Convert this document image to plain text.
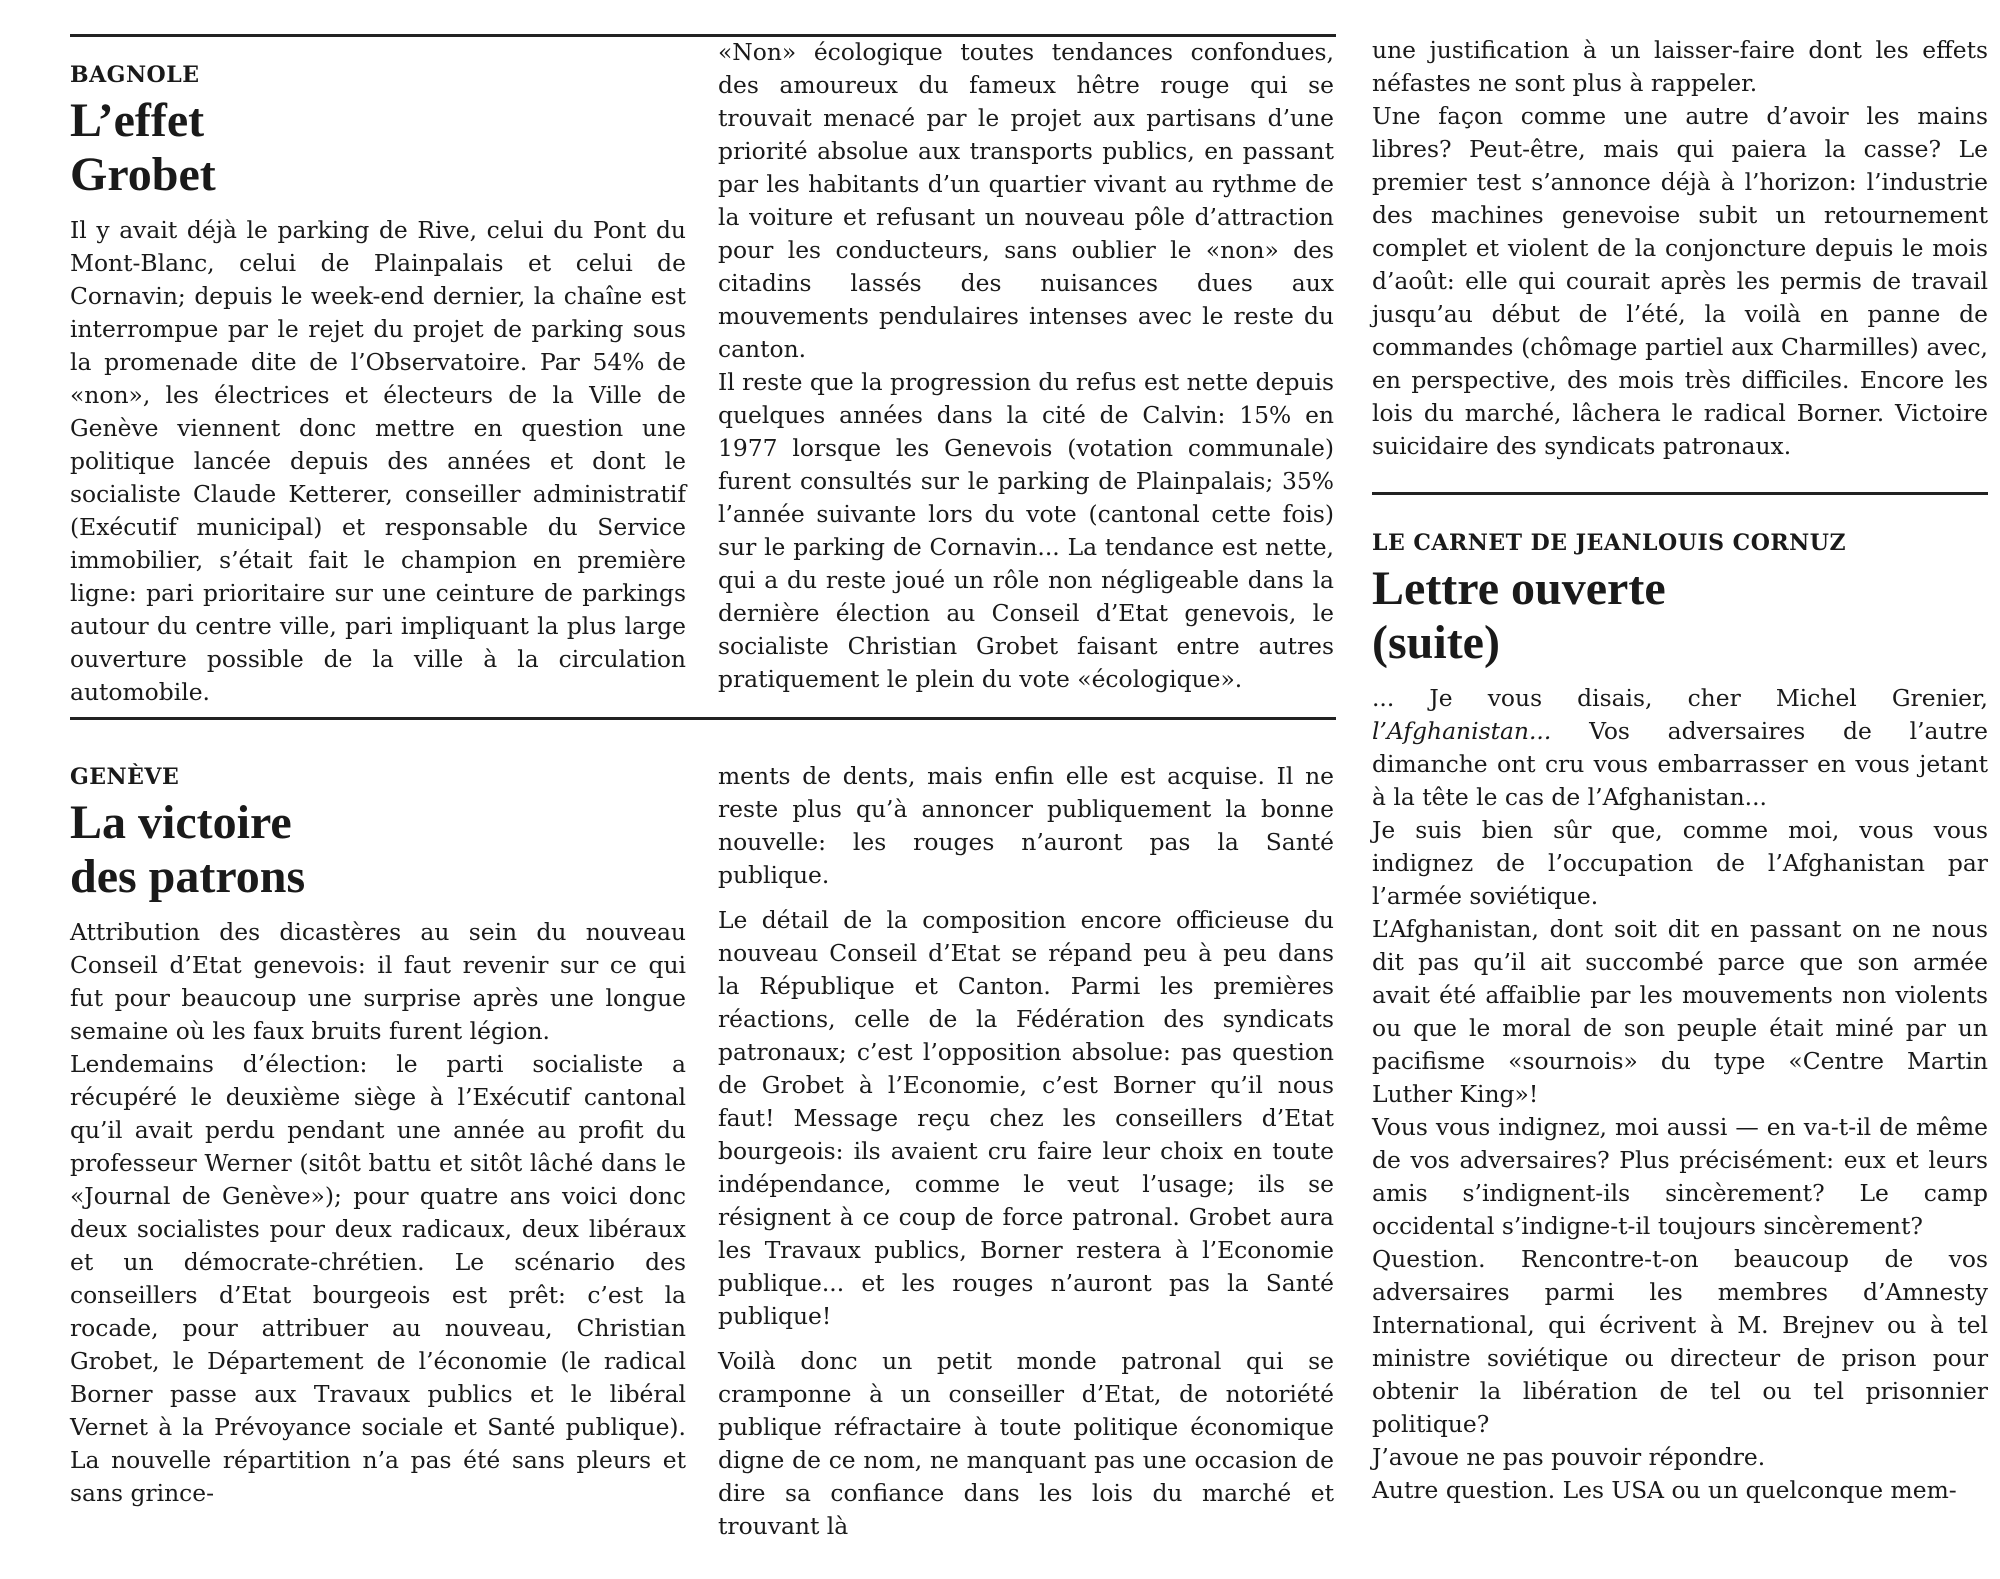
BAGNOLE
L’effet
Grobet

Il y avait déjà le parking de Rive, celui du Pont du Mont-Blanc, celui de Plainpalais et celui de Cornavin; depuis le week-end dernier, la chaîne est interrompue par le rejet du projet de parking sous la promenade dite de l’Observatoire. Par 54% de «non», les électrices et électeurs de la Ville de Genève viennent donc mettre en question une politique lancée depuis des années et dont le socialiste Claude Ketterer, conseiller administratif (Exécutif municipal) et responsable du Service immobilier, s’était fait le champion en première ligne: pari prioritaire sur une ceinture de parkings autour du centre ville, pari impliquant la plus large ouverture possible de la ville à la circulation automobile.

«Non» écologique toutes tendances confondues, des amoureux du fameux hêtre rouge qui se trouvait menacé par le projet aux partisans d’une priorité absolue aux transports publics, en passant par les habitants d’un quartier vivant au rythme de la voiture et refusant un nouveau pôle d’attraction pour les conducteurs, sans oublier le «non» des citadins lassés des nuisances dues aux mouvements pendulaires intenses avec le reste du canton.

Il reste que la progression du refus est nette depuis quelques années dans la cité de Calvin: 15% en 1977 lorsque les Genevois (votation communale) furent consultés sur le parking de Plainpalais; 35% l’année suivante lors du vote (cantonal cette fois) sur le parking de Cornavin... La tendance est nette, qui a du reste joué un rôle non négligeable dans la dernière élection au Conseil d’Etat genevois, le socialiste Christian Grobet faisant entre autres pratiquement le plein du vote «écologique».

GENÈVE
La victoire
des patrons

Attribution des dicastères au sein du nouveau Conseil d’Etat genevois: il faut revenir sur ce qui fut pour beaucoup une surprise après une longue semaine où les faux bruits furent légion.

Lendemains d’élection: le parti socialiste a récupéré le deuxième siège à l’Exécutif cantonal qu’il avait perdu pendant une année au profit du professeur Werner (sitôt battu et sitôt lâché dans le «Journal de Genève»); pour quatre ans voici donc deux socialistes pour deux radicaux, deux libéraux et un démocrate-chrétien. Le scénario des conseillers d’Etat bourgeois est prêt: c’est la rocade, pour attribuer au nouveau, Christian Grobet, le Département de l’économie (le radical Borner passe aux Travaux publics et le libéral Vernet à la Prévoyance sociale et Santé publique). La nouvelle répartition n’a pas été sans pleurs et sans grince-

ments de dents, mais enfin elle est acquise. Il ne reste plus qu’à annoncer publiquement la bonne nouvelle: les rouges n’auront pas la Santé publique.

Le détail de la composition encore officieuse du nouveau Conseil d’Etat se répand peu à peu dans la République et Canton. Parmi les premières réactions, celle de la Fédération des syndicats patronaux; c’est l’opposition absolue: pas question de Grobet à l’Economie, c’est Borner qu’il nous faut! Message reçu chez les conseillers d’Etat bourgeois: ils avaient cru faire leur choix en toute indépendance, comme le veut l’usage; ils se résignent à ce coup de force patronal. Grobet aura les Travaux publics, Borner restera à l’Economie publique... et les rouges n’auront pas la Santé publique!

Voilà donc un petit monde patronal qui se cramponne à un conseiller d’Etat, de notoriété publique réfractaire à toute politique économique digne de ce nom, ne manquant pas une occasion de dire sa confiance dans les lois du marché et trouvant là

une justification à un laisser-faire dont les effets néfastes ne sont plus à rappeler.

Une façon comme une autre d’avoir les mains libres? Peut-être, mais qui paiera la casse? Le premier test s’annonce déjà à l’horizon: l’industrie des machines genevoise subit un retournement complet et violent de la conjoncture depuis le mois d’août: elle qui courait après les permis de travail jusqu’au début de l’été, la voilà en panne de commandes (chômage partiel aux Charmilles) avec, en perspective, des mois très difficiles. Encore les lois du marché, lâchera le radical Borner. Victoire suicidaire des syndicats patronaux.

LE CARNET DE JEANLOUIS CORNUZ
Lettre ouverte
(suite)

... Je vous disais, cher Michel Grenier, l’Afghanistan... Vos adversaires de l’autre dimanche ont cru vous embarrasser en vous jetant à la tête le cas de l’Afghanistan...

Je suis bien sûr que, comme moi, vous vous indignez de l’occupation de l’Afghanistan par l’armée soviétique.

L’Afghanistan, dont soit dit en passant on ne nous dit pas qu’il ait succombé parce que son armée avait été affaiblie par les mouvements non violents ou que le moral de son peuple était miné par un pacifisme «sournois» du type «Centre Martin Luther King»!

Vous vous indignez, moi aussi — en va-t-il de même de vos adversaires? Plus précisément: eux et leurs amis s’indignent-ils sincèrement? Le camp occidental s’indigne-t-il toujours sincèrement?

Question. Rencontre-t-on beaucoup de vos adversaires parmi les membres d’Amnesty International, qui écrivent à M. Brejnev ou à tel ministre soviétique ou directeur de prison pour obtenir la libération de tel ou tel prisonnier politique?

J’avoue ne pas pouvoir répondre.

Autre question. Les USA ou un quelconque mem-
